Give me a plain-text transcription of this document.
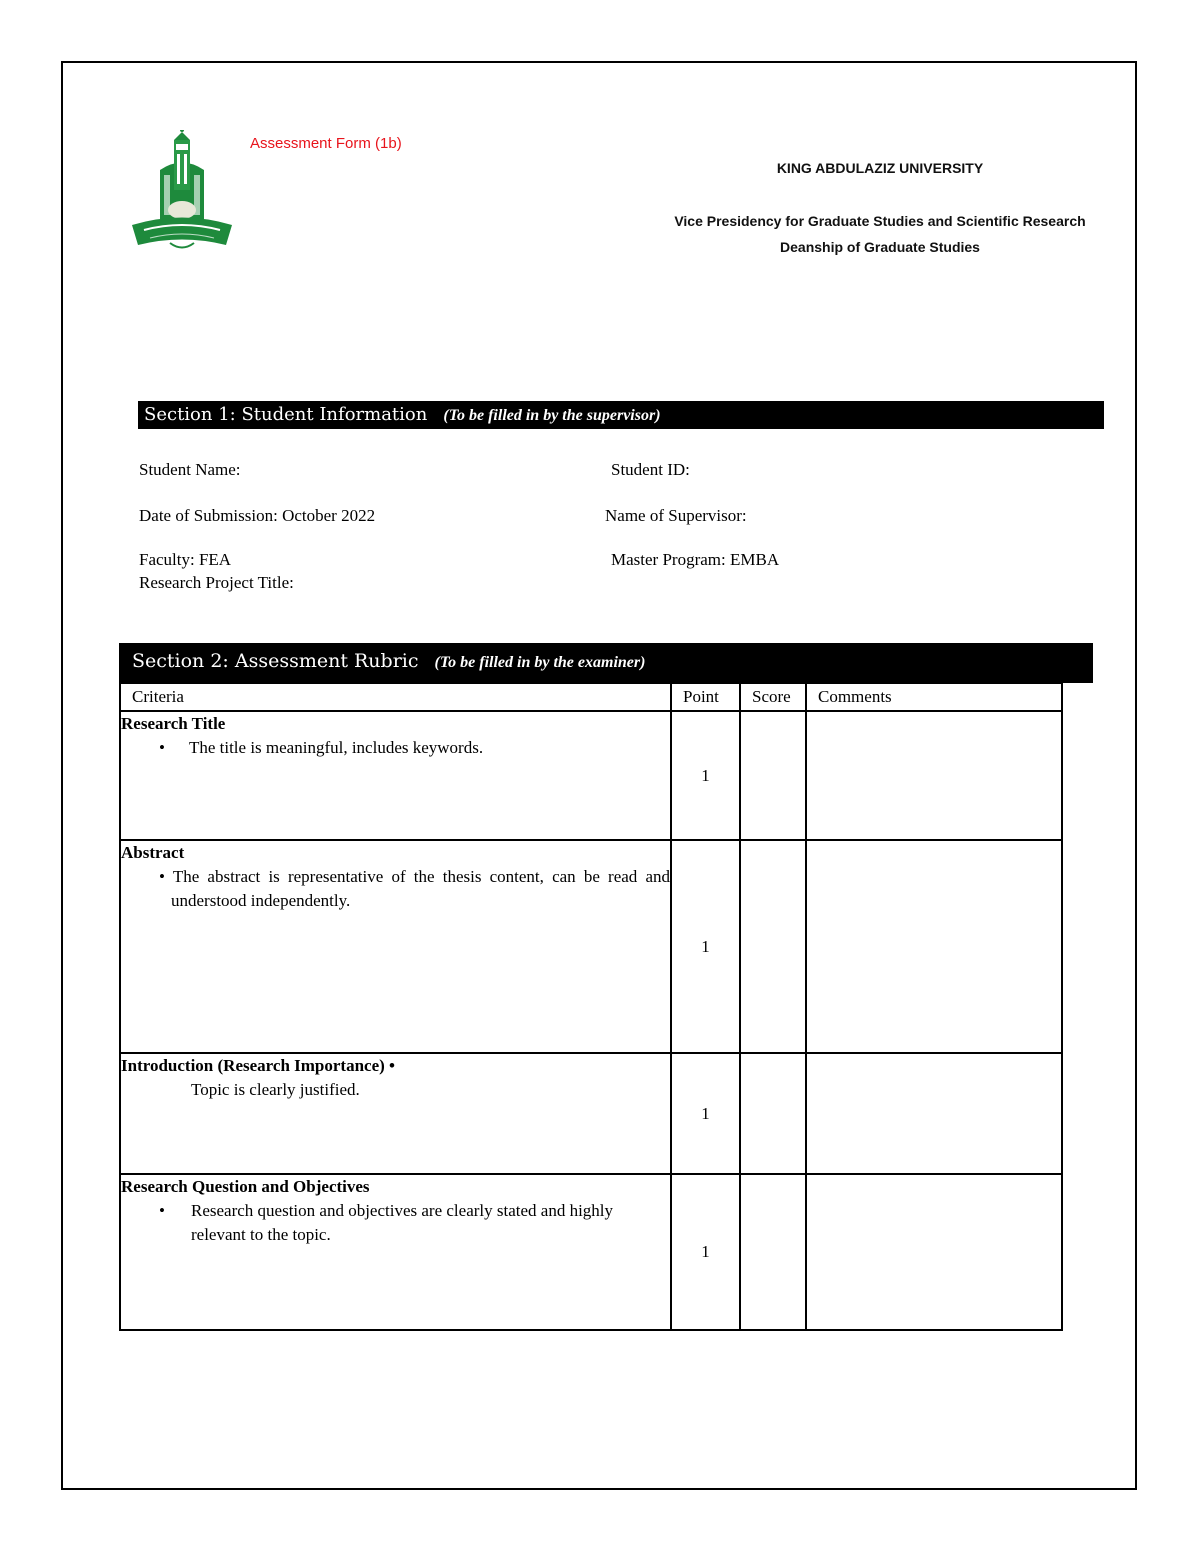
Assessment Form (1b)
KING ABDULAZIZ UNIVERSITY
Vice Presidency for Graduate Studies and Scientific Research
Deanship of Graduate Studies
Section 1: Student Information (To be filled in by the supervisor)
Student Name:	Student ID:
Date of Submission: October 2022	Name of Supervisor:
Faculty: FEA	Master Program: EMBA
Research Project Title:
Section 2: Assessment Rubric (To be filled in by the examiner)
Criteria	Point	Score	Comments

Research Title
• The title is meaningful, includes keywords.	1		

Abstract
• The abstract is representative of the thesis content, can be read and understood independently.	1		

Introduction (Research Importance) •
Topic is clearly justified.	1		

Research Question and Objectives
• Research question and objectives are clearly stated and highly relevant to the topic.	1		
